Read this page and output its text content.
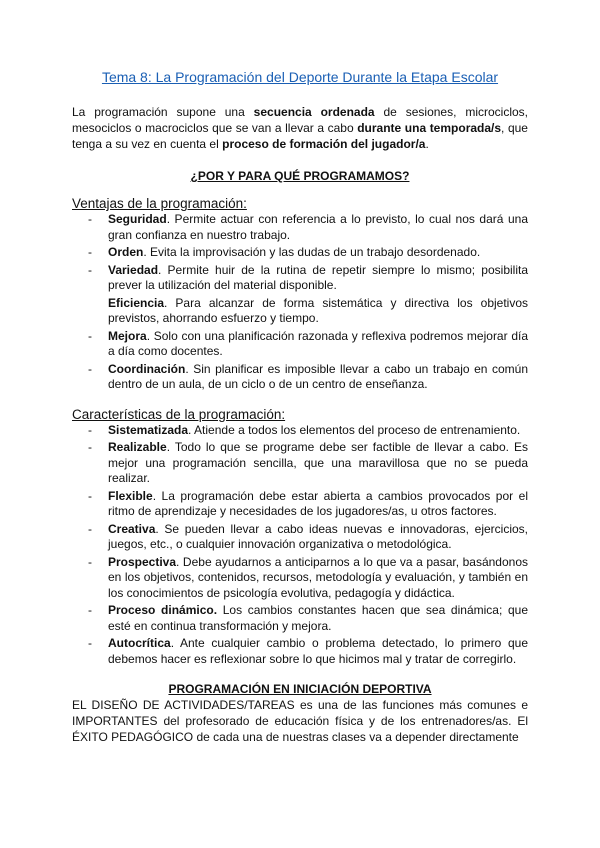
Tema 8: La Programación del Deporte Durante la Etapa Escolar

La programación supone una secuencia ordenada de sesiones, microciclos, mesociclos o macrociclos que se van a llevar a cabo durante una temporada/s, que tenga a su vez en cuenta el proceso de formación del jugador/a.

¿POR Y PARA QUÉ PROGRAMAMOS?
Ventajas de la programación:
- Seguridad. Permite actuar con referencia a lo previsto, lo cual nos dará una gran confianza en nuestro trabajo.
- Orden. Evita la improvisación y las dudas de un trabajo desordenado.
- Variedad. Permite huir de la rutina de repetir siempre lo mismo; posibilita prever la utilización del material disponible.
Eficiencia. Para alcanzar de forma sistemática y directiva los objetivos previstos, ahorrando esfuerzo y tiempo.
- Mejora. Solo con una planificación razonada y reflexiva podremos mejorar día a día como docentes.
- Coordinación. Sin planificar es imposible llevar a cabo un trabajo en común dentro de un aula, de un ciclo o de un centro de enseñanza.
Características de la programación:
- Sistematizada. Atiende a todos los elementos del proceso de entrenamiento.
- Realizable. Todo lo que se programe debe ser factible de llevar a cabo. Es mejor una programación sencilla, que una maravillosa que no se pueda realizar.
- Flexible. La programación debe estar abierta a cambios provocados por el ritmo de aprendizaje y necesidades de los jugadores/as, u otros factores.
- Creativa. Se pueden llevar a cabo ideas nuevas e innovadoras, ejercicios, juegos, etc., o cualquier innovación organizativa o metodológica.
- Prospectiva. Debe ayudarnos a anticiparnos a lo que va a pasar, basándonos en los objetivos, contenidos, recursos, metodología y evaluación, y también en los conocimientos de psicología evolutiva, pedagogía y didáctica.
- Proceso dinámico. Los cambios constantes hacen que sea dinámica; que esté en continua transformación y mejora.
- Autocrítica. Ante cualquier cambio o problema detectado, lo primero que debemos hacer es reflexionar sobre lo que hicimos mal y tratar de corregirlo.
PROGRAMACIÓN EN INICIACIÓN DEPORTIVA

EL DISEÑO DE ACTIVIDADES/TAREAS es una de las funciones más comunes e IMPORTANTES del profesorado de educación física y de los entrenadores/as. El ÉXITO PEDAGÓGICO de cada una de nuestras clases va a depender directamente
